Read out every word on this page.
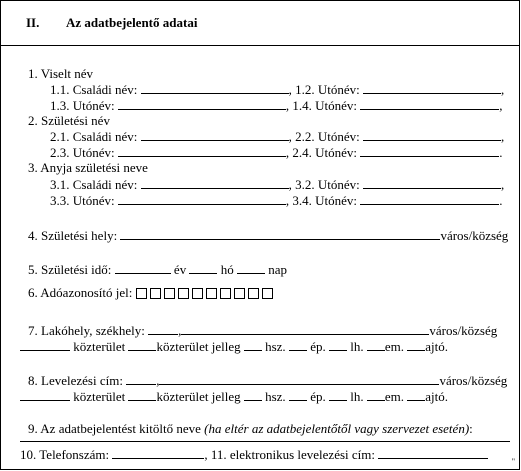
II. Az adatbejelentő adatai
1. Viselt név
1.1. Családi név:	, 1.2. Utónév:	,
1.3. Utónév:	, 1.4. Utónév:	,
2. Születési név
2.1. Családi név:	, 2.2. Utónév:	,
2.3. Utónév:	, 2.4. Utónév:	.
3. Anyja születési neve
3.1. Családi név:	, 3.2. Utónév:	,
3.3. Utónév:	, 3.4. Utónév:	.
4. Születési hely:	város/község
5. Születési idő:	év	hó	nap
6. Adóazonosító jel:
7. Lakóhely, székhely:	,	város/község
közterület közterület jelleg hsz. ép. lh. em. ajtó.
8. Levelezési cím:	,	város/község
közterület közterület jelleg hsz. ép. lh. em. ajtó.
9. Az adatbejelentést kitöltő neve (ha eltér az adatbejelentőtől vagy szervezet esetén):
10. Telefonszám:	, 11. elektronikus levelezési cím:	"
